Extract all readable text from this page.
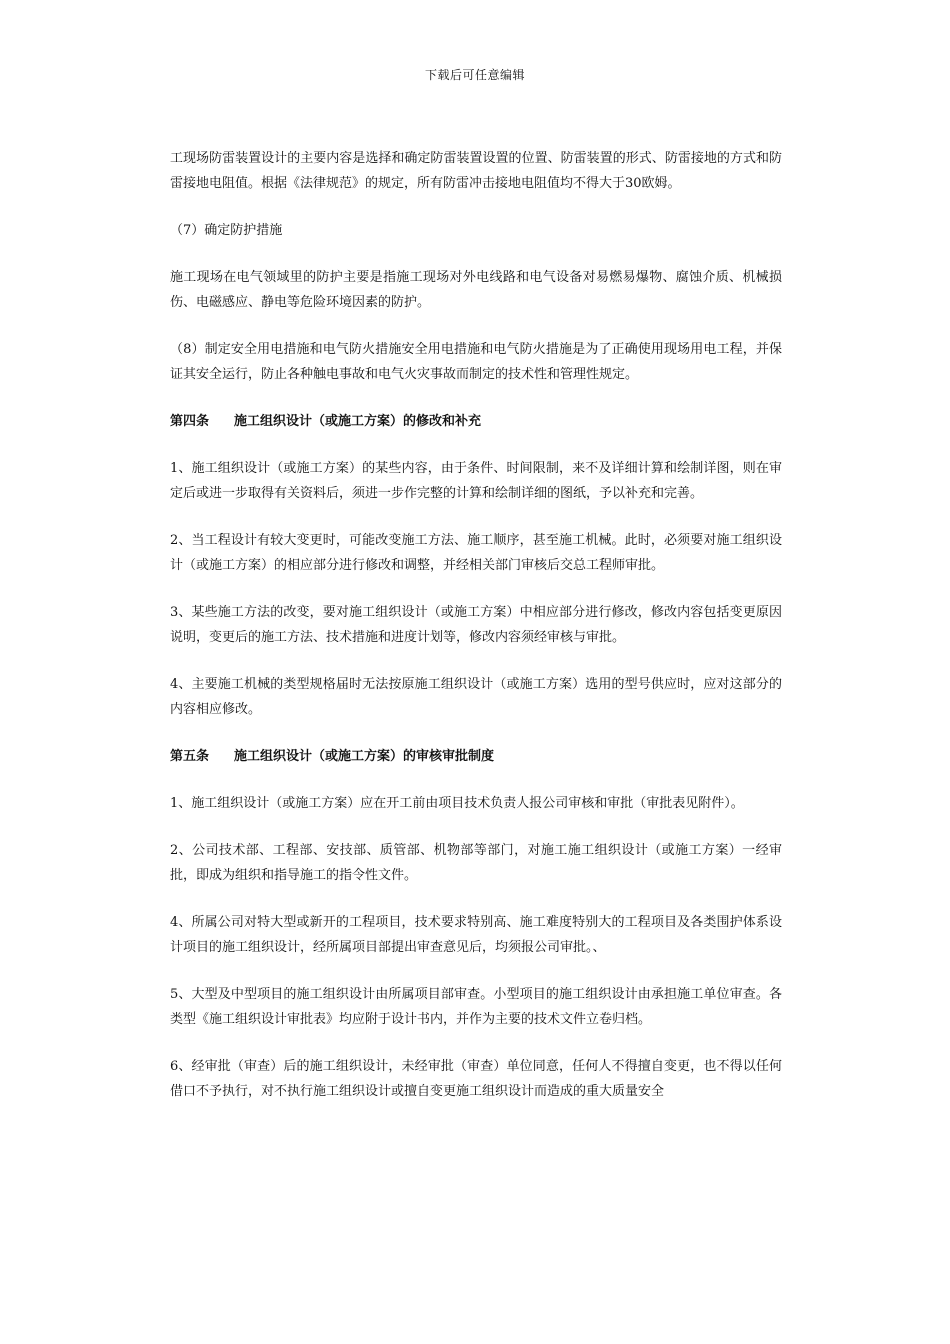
下载后可任意编辑

工现场防雷装置设计的主要内容是选择和确定防雷装置设置的位置、防雷装置的形式、防雷接地的方式和防雷接地电阻值。根据《法律规范》的规定，所有防雷冲击接地电阻值均不得大于30欧姆。

（7）确定防护措施

施工现场在电气领域里的防护主要是指施工现场对外电线路和电气设备对易燃易爆物、腐蚀介质、机械损伤、电磁感应、静电等危险环境因素的防护。

（8）制定安全用电措施和电气防火措施安全用电措施和电气防火措施是为了正确使用现场用电工程，并保证其安全运行，防止各种触电事故和电气火灾事故而制定的技术性和管理性规定。

第四条 施工组织设计（或施工方案）的修改和补充

1、施工组织设计（或施工方案）的某些内容，由于条件、时间限制，来不及详细计算和绘制详图，则在审定后或进一步取得有关资料后，须进一步作完整的计算和绘制详细的图纸，予以补充和完善。

2、当工程设计有较大变更时，可能改变施工方法、施工顺序，甚至施工机械。此时，必须要对施工组织设计（或施工方案）的相应部分进行修改和调整，并经相关部门审核后交总工程师审批。

3、某些施工方法的改变，要对施工组织设计（或施工方案）中相应部分进行修改，修改内容包括变更原因说明，变更后的施工方法、技术措施和进度计划等，修改内容须经审核与审批。

4、主要施工机械的类型规格届时无法按原施工组织设计（或施工方案）选用的型号供应时，应对这部分的内容相应修改。

第五条 施工组织设计（或施工方案）的审核审批制度

1、施工组织设计（或施工方案）应在开工前由项目技术负责人报公司审核和审批（审批表见附件）。

2、公司技术部、工程部、安技部、质管部、机物部等部门，对施工施工组织设计（或施工方案）一经审批，即成为组织和指导施工的指令性文件。

4、所属公司对特大型或新开的工程项目，技术要求特别高、施工难度特别大的工程项目及各类围护体系设计项目的施工组织设计，经所属项目部提出审查意见后，均须报公司审批。、

5、大型及中型项目的施工组织设计由所属项目部审查。小型项目的施工组织设计由承担施工单位审查。各类型《施工组织设计审批表》均应附于设计书内，并作为主要的技术文件立卷归档。

6、经审批（审查）后的施工组织设计，未经审批（审查）单位同意，任何人不得擅自变更，也不得以任何借口不予执行，对不执行施工组织设计或擅自变更施工组织设计而造成的重大质量安全
